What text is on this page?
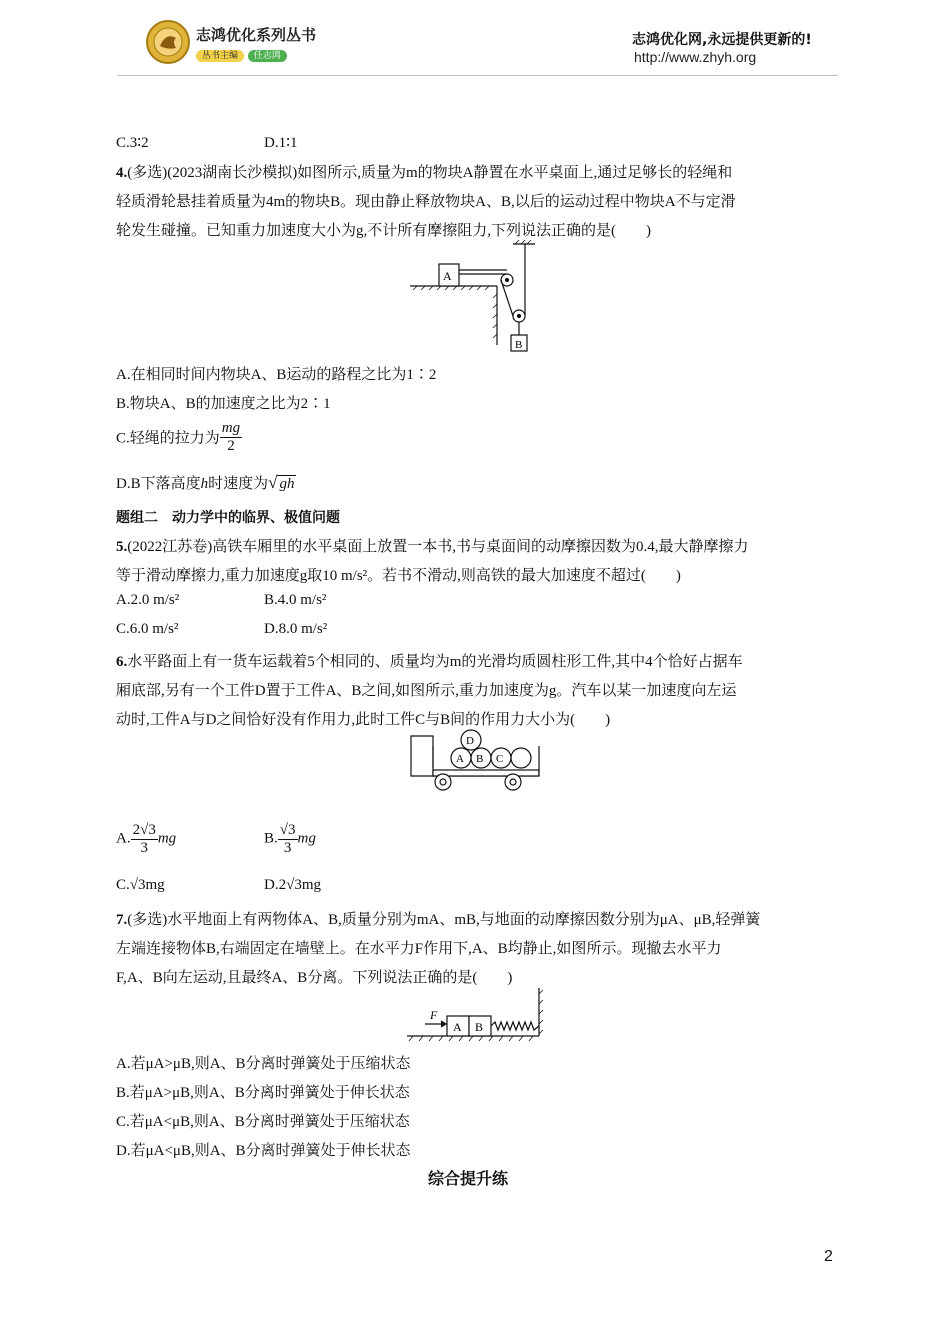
志鸿优化系列丛书
丛书主编 任志鸿
志鸿优化网,永远提供更新的!
http://www.zhyh.org
C.3∶2	D.1∶1
4.(多选)(2023湖南长沙模拟)如图所示,质量为m的物块A静置在水平桌面上,通过足够长的轻绳和
轻质滑轮悬挂着质量为4m的物块B。现由静止释放物块A、B,以后的运动过程中物块A不与定滑
轮发生碰撞。已知重力加速度大小为g,不计所有摩擦阻力,下列说法正确的是(　　)
A
B
A.在相同时间内物块A、B运动的路程之比为1∶2
B.物块A、B的加速度之比为2∶1
C.轻绳的拉力为 $\frac{mg}{2}$
D.B下落高度h时速度为√ gh
题组二　动力学中的临界、极值问题
5.(2022江苏卷)高铁车厢里的水平桌面上放置一本书,书与桌面间的动摩擦因数为0.4,最大静摩擦力
等于滑动摩擦力,重力加速度g取10 m/s²。若书不滑动,则高铁的最大加速度不超过(　　)
A.2.0 m/s²	B.4.0 m/s²
C.6.0 m/s²	D.8.0 m/s²
6.水平路面上有一货车运载着5个相同的、质量均为m的光滑均质圆柱形工件,其中4个恰好占据车
厢底部,另有一个工件D置于工件A、B之间,如图所示,重力加速度为g。汽车以某一加速度向左运
动时,工件A与D之间恰好没有作用力,此时工件C与B间的作用力大小为(　　)
D
A B C
A. $\frac{2√3}{3}$ mg	B. $\frac{√3}{3}$ mg
C.√3mg	D.2√3mg
7.(多选)水平地面上有两物体A、B,质量分别为mA、mB,与地面的动摩擦因数分别为μA、μB,轻弹簧
左端连接物体B,右端固定在墙壁上。在水平力F作用下,A、B均静止,如图所示。现撤去水平力
F,A、B向左运动,且最终A、B分离。下列说法正确的是(　　)
F
A B
A.若μA>μB,则A、B分离时弹簧处于压缩状态
B.若μA>μB,则A、B分离时弹簧处于伸长状态
C.若μA<μB,则A、B分离时弹簧处于压缩状态
D.若μA<μB,则A、B分离时弹簧处于伸长状态
综合提升练
2
